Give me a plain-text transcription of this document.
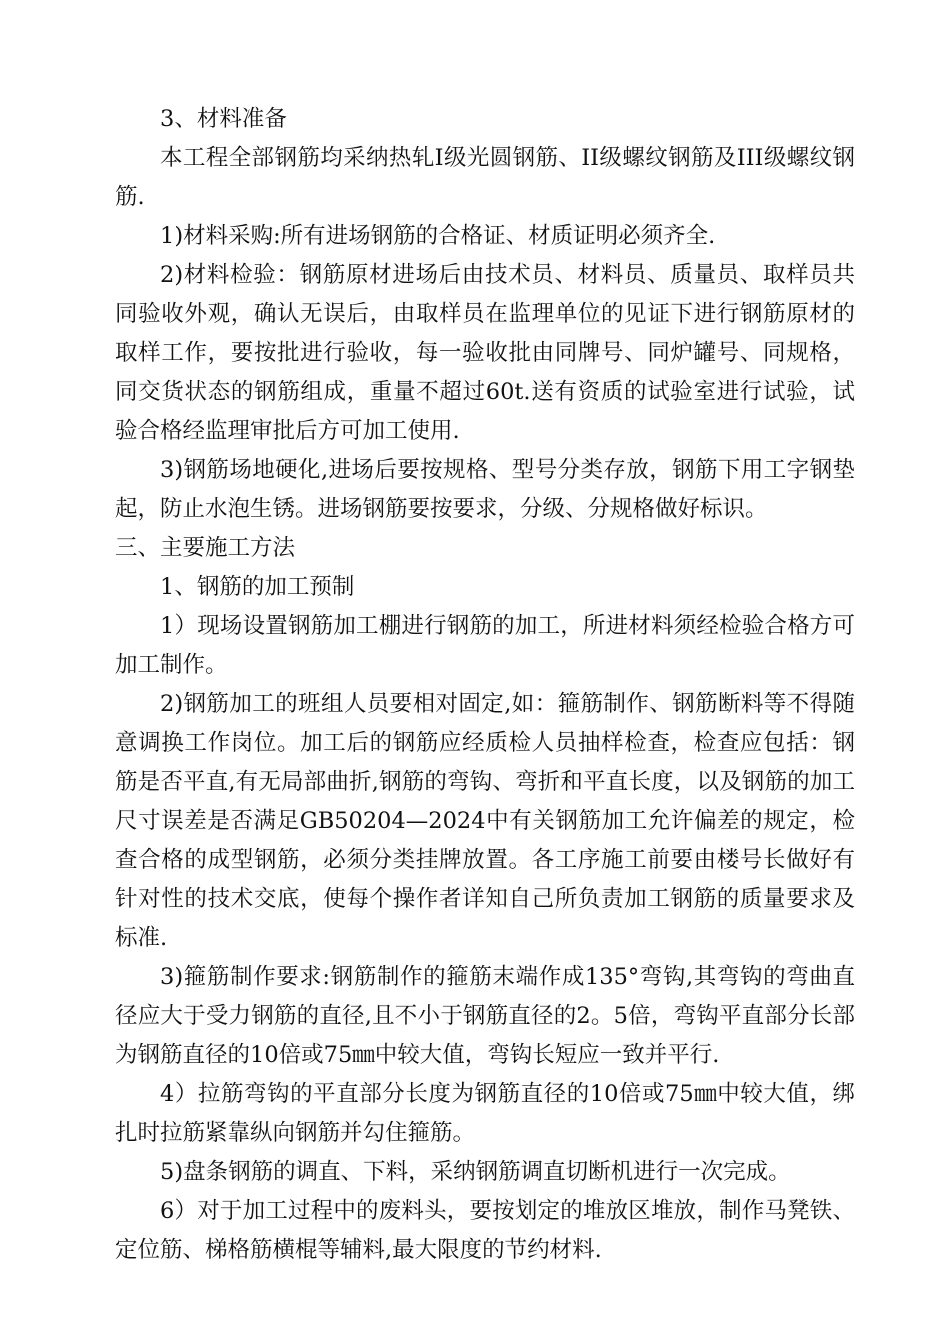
3、材料准备

本工程全部钢筋均采纳热轧I级光圆钢筋、II级螺纹钢筋及III级螺纹钢筋.

1)材料采购:所有进场钢筋的合格证、材质证明必须齐全.

2)材料检验：钢筋原材进场后由技术员、材料员、质量员、取样员共同验收外观，确认无误后，由取样员在监理单位的见证下进行钢筋原材的取样工作，要按批进行验收，每一验收批由同牌号、同炉罐号、同规格，同交货状态的钢筋组成，重量不超过60t.送有资质的试验室进行试验，试验合格经监理审批后方可加工使用.

3)钢筋场地硬化,进场后要按规格、型号分类存放，钢筋下用工字钢垫起，防止水泡生锈。进场钢筋要按要求，分级、分规格做好标识。

三、主要施工方法

1、钢筋的加工预制

1）现场设置钢筋加工棚进行钢筋的加工，所进材料须经检验合格方可加工制作。

2)钢筋加工的班组人员要相对固定,如：箍筋制作、钢筋断料等不得随意调换工作岗位。加工后的钢筋应经质检人员抽样检查，检查应包括：钢筋是否平直,有无局部曲折,钢筋的弯钩、弯折和平直长度，以及钢筋的加工尺寸误差是否满足GB50204—2024中有关钢筋加工允许偏差的规定，检查合格的成型钢筋，必须分类挂牌放置。各工序施工前要由楼号长做好有针对性的技术交底，使每个操作者详知自己所负责加工钢筋的质量要求及标准.

3)箍筋制作要求:钢筋制作的箍筋末端作成135°弯钩,其弯钩的弯曲直径应大于受力钢筋的直径,且不小于钢筋直径的2。5倍，弯钩平直部分长部为钢筋直径的10倍或75㎜中较大值，弯钩长短应一致并平行.

4）拉筋弯钩的平直部分长度为钢筋直径的10倍或75㎜中较大值，绑扎时拉筋紧靠纵向钢筋并勾住箍筋。

5)盘条钢筋的调直、下料，采纳钢筋调直切断机进行一次完成。

6）对于加工过程中的废料头，要按划定的堆放区堆放，制作马凳铁、定位筋、梯格筋横棍等辅料,最大限度的节约材料.
